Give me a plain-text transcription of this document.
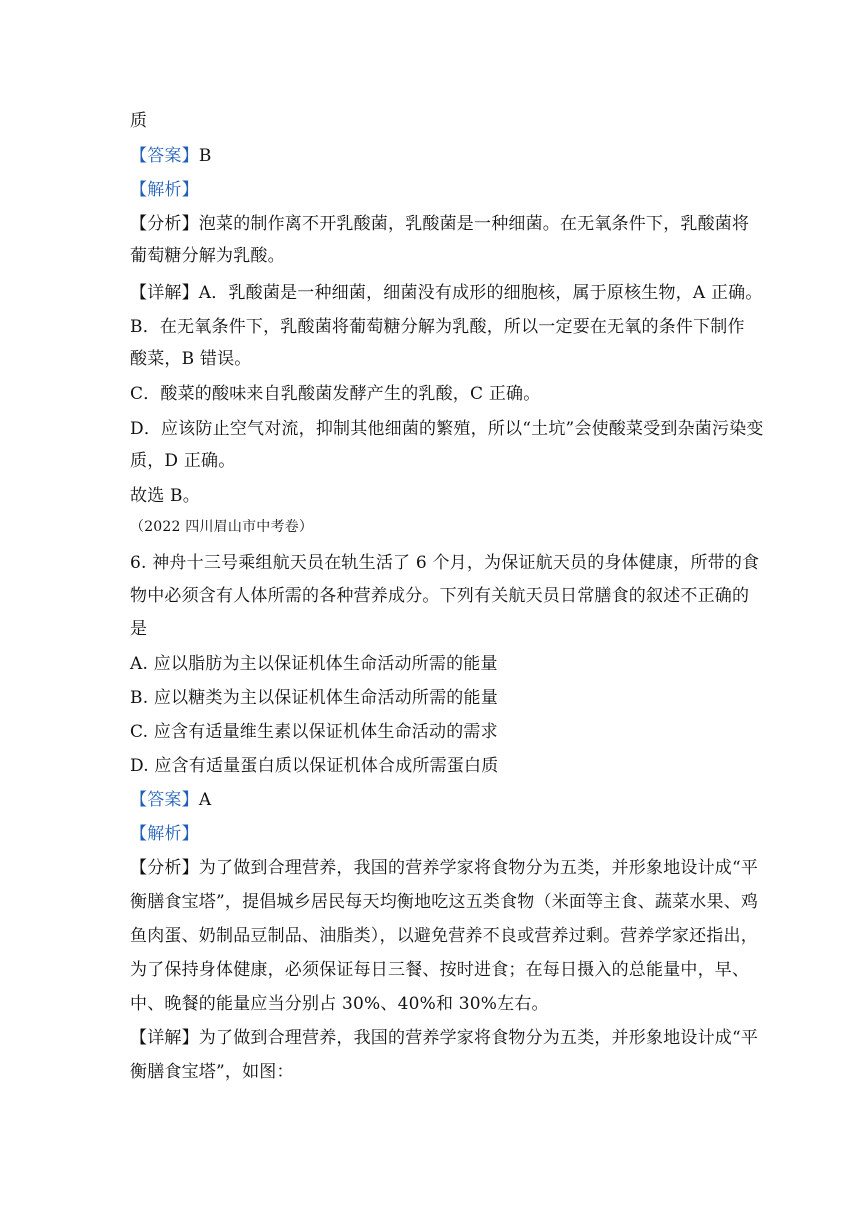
质
【答案】B
【解析】
【分析】泡菜的制作离不开乳酸菌，乳酸菌是一种细菌。在无氧条件下，乳酸菌将
葡萄糖分解为乳酸。
【详解】A．乳酸菌是一种细菌，细菌没有成形的细胞核，属于原核生物，A 正确。
B．在无氧条件下，乳酸菌将葡萄糖分解为乳酸，所以一定要在无氧的条件下制作
酸菜，B 错误。
C．酸菜的酸味来自乳酸菌发酵产生的乳酸，C 正确。
D．应该防止空气对流，抑制其他细菌的繁殖，所以“土坑”会使酸菜受到杂菌污染变
质，D 正确。
故选 B。
（2022 四川眉山市中考卷）
6. 神舟十三号乘组航天员在轨生活了 6 个月，为保证航天员的身体健康，所带的食
物中必须含有人体所需的各种营养成分。下列有关航天员日常膳食的叙述不正确的
是
A. 应以脂肪为主以保证机体生命活动所需的能量
B. 应以糖类为主以保证机体生命活动所需的能量
C. 应含有适量维生素以保证机体生命活动的需求
D. 应含有适量蛋白质以保证机体合成所需蛋白质
【答案】A
【解析】
【分析】为了做到合理营养，我国的营养学家将食物分为五类，并形象地设计成“平
衡膳食宝塔”，提倡城乡居民每天均衡地吃这五类食物（米面等主食、蔬菜水果、鸡
鱼肉蛋、奶制品豆制品、油脂类），以避免营养不良或营养过剩。营养学家还指出，
为了保持身体健康，必须保证每日三餐、按时进食；在每日摄入的总能量中，早、
中、晚餐的能量应当分别占 30%、40%和 30%左右。
【详解】为了做到合理营养，我国的营养学家将食物分为五类，并形象地设计成“平
衡膳食宝塔”，如图：
